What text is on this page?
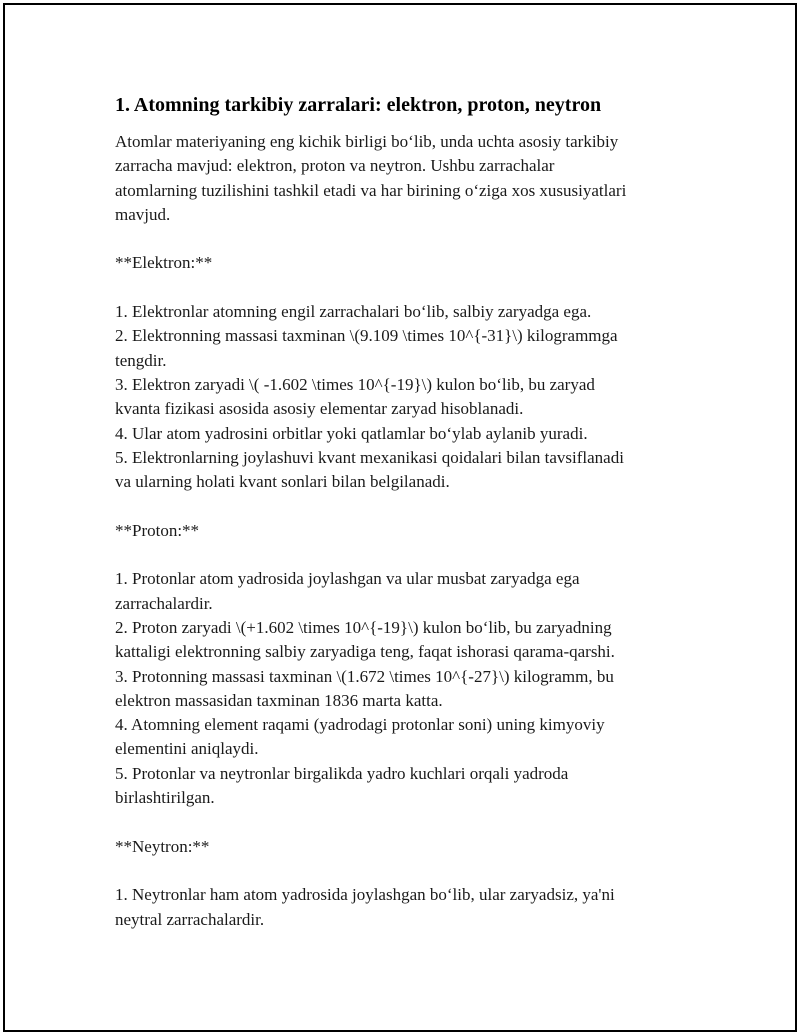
1. Atomning tarkibiy zarralari: elektron, proton, neytron

Atomlar materiyaning eng kichik birligi bo‘lib, unda uchta asosiy tarkibiy
zarracha mavjud: elektron, proton va neytron. Ushbu zarrachalar
atomlarning tuzilishini tashkil etadi va har birining o‘ziga xos xususiyatlari
mavjud.

**Elektron:**

1. Elektronlar atomning engil zarrachalari bo‘lib, salbiy zaryadga ega.
2. Elektronning massasi taxminan \(9.109 \times 10^{-31}\) kilogrammga
tengdir.
3. Elektron zaryadi \( -1.602 \times 10^{-19}\) kulon bo‘lib, bu zaryad
kvanta fizikasi asosida asosiy elementar zaryad hisoblanadi.
4. Ular atom yadrosini orbitlar yoki qatlamlar bo‘ylab aylanib yuradi.
5. Elektronlarning joylashuvi kvant mexanikasi qoidalari bilan tavsiflanadi
va ularning holati kvant sonlari bilan belgilanadi.

**Proton:**

1. Protonlar atom yadrosida joylashgan va ular musbat zaryadga ega
zarrachalardir.
2. Proton zaryadi \(+1.602 \times 10^{-19}\) kulon bo‘lib, bu zaryadning
kattaligi elektronning salbiy zaryadiga teng, faqat ishorasi qarama-qarshi.
3. Protonning massasi taxminan \(1.672 \times 10^{-27}\) kilogramm, bu
elektron massasidan taxminan 1836 marta katta.
4. Atomning element raqami (yadrodagi protonlar soni) uning kimyoviy
elementini aniqlaydi.
5. Protonlar va neytronlar birgalikda yadro kuchlari orqali yadroda
birlashtirilgan.

**Neytron:**

1. Neytronlar ham atom yadrosida joylashgan bo‘lib, ular zaryadsiz, ya'ni
neytral zarrachalardir.
